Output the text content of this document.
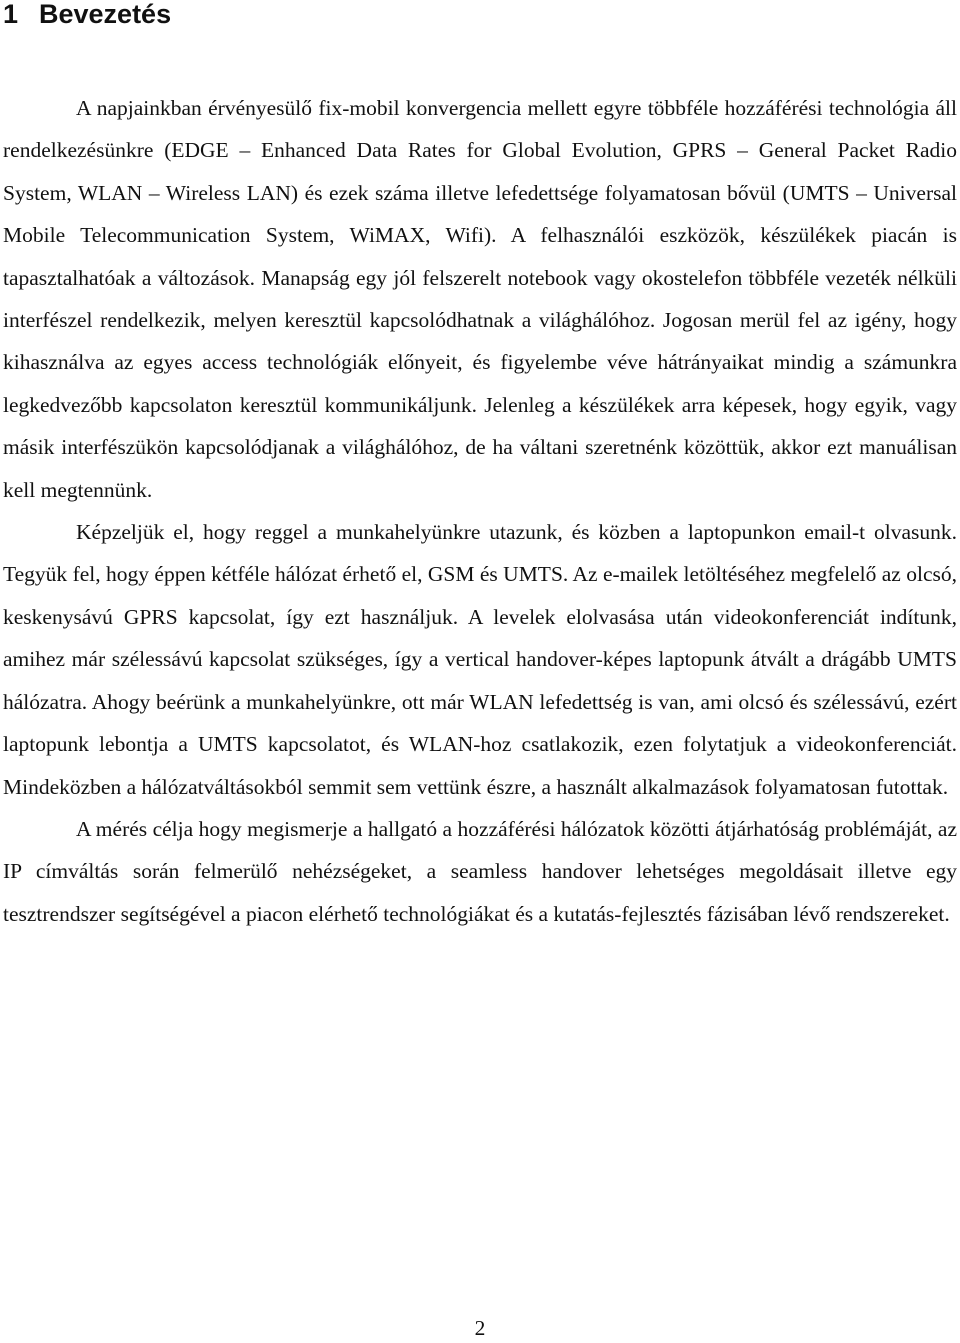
1 Bevezetés

A napjainkban érvényesülő fix-mobil konvergencia mellett egyre többféle hozzáférési technológia áll rendelkezésünkre (EDGE – Enhanced Data Rates for Global Evolution, GPRS – General Packet Radio System, WLAN – Wireless LAN) és ezek száma illetve lefedettsége folyamatosan bővül (UMTS – Universal Mobile Telecommunication System, WiMAX, Wifi). A felhasználói eszközök, készülékek piacán is tapasztalhatóak a változások. Manapság egy jól felszerelt notebook vagy okostelefon többféle vezeték nélküli interfészel rendelkezik, melyen keresztül kapcsolódhatnak a világhálóhoz. Jogosan merül fel az igény, hogy kihasználva az egyes access technológiák előnyeit, és figyelembe véve hátrányaikat mindig a számunkra legkedvezőbb kapcsolaton keresztül kommunikáljunk. Jelenleg a készülékek arra képesek, hogy egyik, vagy másik interfészükön kapcsolódjanak a világhálóhoz, de ha váltani szeretnénk közöttük, akkor ezt manuálisan kell megtennünk.

Képzeljük el, hogy reggel a munkahelyünkre utazunk, és közben a laptopunkon email-t olvasunk. Tegyük fel, hogy éppen kétféle hálózat érhető el, GSM és UMTS. Az e-mailek letöltéséhez megfelelő az olcsó, keskenysávú GPRS kapcsolat, így ezt használjuk. A levelek elolvasása után videokonferenciát indítunk, amihez már szélessávú kapcsolat szükséges, így a vertical handover-képes laptopunk átvált a drágább UMTS hálózatra. Ahogy beérünk a munkahelyünkre, ott már WLAN lefedettség is van, ami olcsó és szélessávú, ezért laptopunk lebontja a UMTS kapcsolatot, és WLAN-hoz csatlakozik, ezen folytatjuk a videokonferenciát. Mindeközben a hálózatváltásokból semmit sem vettünk észre, a használt alkalmazások folyamatosan futottak.

A mérés célja hogy megismerje a hallgató a hozzáférési hálózatok közötti átjárhatóság problémáját, az IP címváltás során felmerülő nehézségeket, a seamless handover lehetséges megoldásait illetve egy tesztrendszer segítségével a piacon elérhető technológiákat és a kutatás-fejlesztés fázisában lévő rendszereket.

2
